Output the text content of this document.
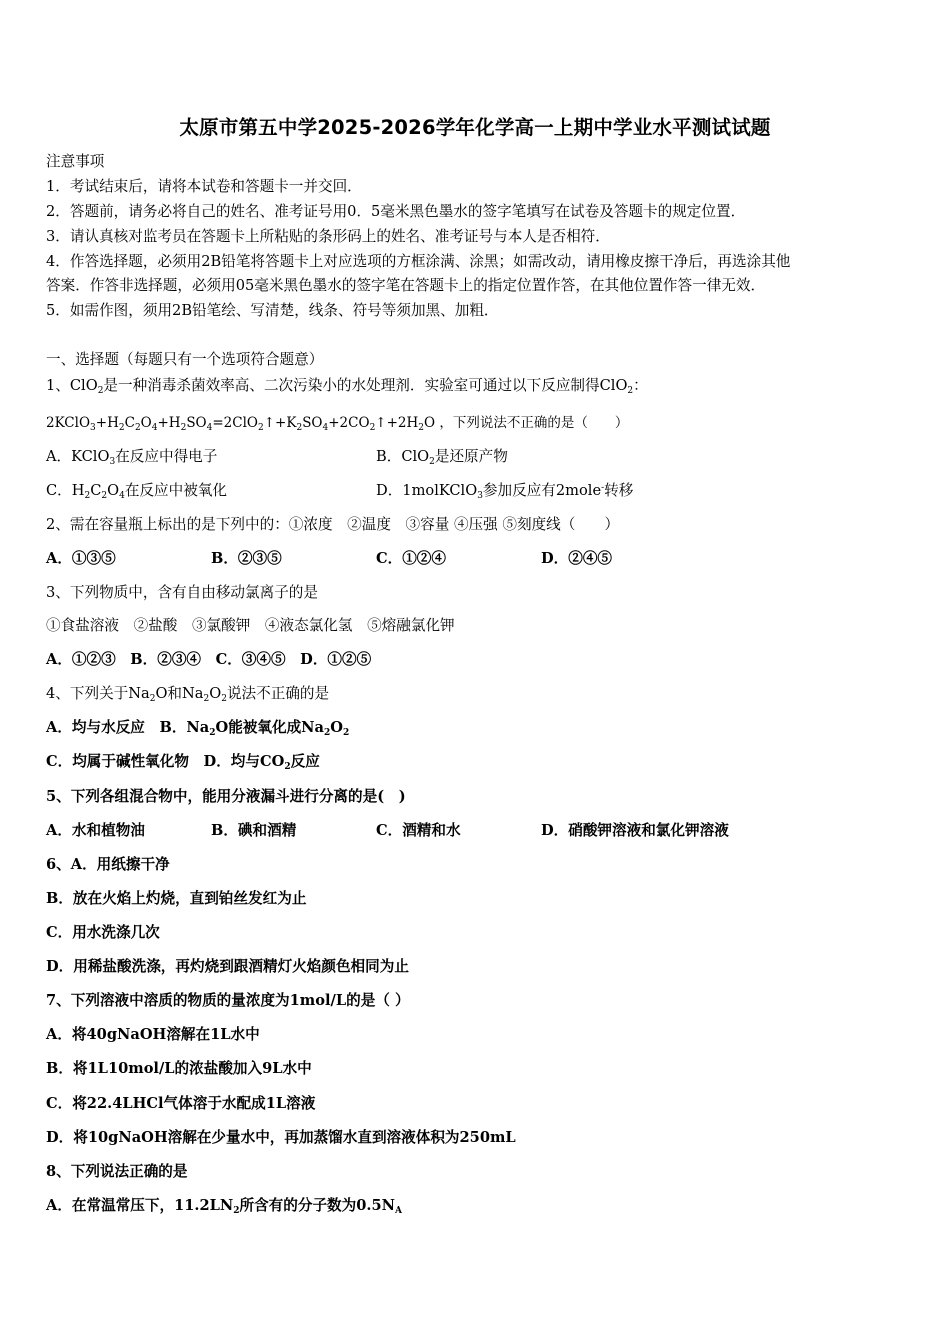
太原市第五中学2025-2026学年化学高一上期中学业水平测试试题
注意事项
1．考试结束后，请将本试卷和答题卡一并交回．
2．答题前，请务必将自己的姓名、准考证号用0．5毫米黑色墨水的签字笔填写在试卷及答题卡的规定位置．
3．请认真核对监考员在答题卡上所粘贴的条形码上的姓名、准考证号与本人是否相符．
4．作答选择题，必须用2B铅笔将答题卡上对应选项的方框涂满、涂黑；如需改动，请用橡皮擦干净后，再选涂其他
答案．作答非选择题，必须用05毫米黑色墨水的签字笔在答题卡上的指定位置作答，在其他位置作答一律无效．
5．如需作图，须用2B铅笔绘、写清楚，线条、符号等须加黑、加粗．
一、选择题（每题只有一个选项符合题意）
1、ClO$_2$是一种消毒杀菌效率高、二次污染小的水处理剂．实验室可通过以下反应制得ClO$_2$：
$2KClO_3+H_2C_2O_4+H_2SO_4=2ClO_2↑+K_2SO_4+2CO_2↑+2H_2O$ ，下列说法不正确的是（　　）
A．KClO$_3$在反应中得电子	B．ClO$_2$是还原产物
C．$H_2C_2O_4$在反应中被氧化	D．1molKClO$_3$参加反应有2mole-转移
2、需在容量瓶上标出的是下列中的：①浓度　②温度　③容量 ④压强 ⑤刻度线（　　）
A．①③⑤	B．②③⑤	C．①②④	D．②④⑤
3、下列物质中，含有自由移动氯离子的是
①食盐溶液　②盐酸　③氯酸钾　④液态氯化氢　⑤熔融氯化钾
A．①②③　B．②③④　C．③④⑤　D．①②⑤
4、下列关于$Na_2O$和$Na_2O_2$说法不正确的是
A．均与水反应　B．$Na_2O$能被氧化成$Na_2O_2$
C．均属于碱性氧化物　D．均与$CO_2$反应
5、下列各组混合物中，能用分液漏斗进行分离的是(　)
A．水和植物油	B．碘和酒精	C．酒精和水	D．硝酸钾溶液和氯化钾溶液
6、A．用纸擦干净
B．放在火焰上灼烧，直到铂丝发红为止
C．用水洗涤几次
D．用稀盐酸洗涤，再灼烧到跟酒精灯火焰颜色相同为止
7、下列溶液中溶质的物质的量浓度为1mol/L的是（ ）
A．将40gNaOH溶解在1L水中
B．将1L10mol/L的浓盐酸加入9L水中
C．将22.4LHCl气体溶于水配成1L溶液
D．将10gNaOH溶解在少量水中，再加蒸馏水直到溶液体积为250mL
8、下列说法正确的是
A．在常温常压下，$11.2LN_2$所含有的分子数为$0.5N_A$
